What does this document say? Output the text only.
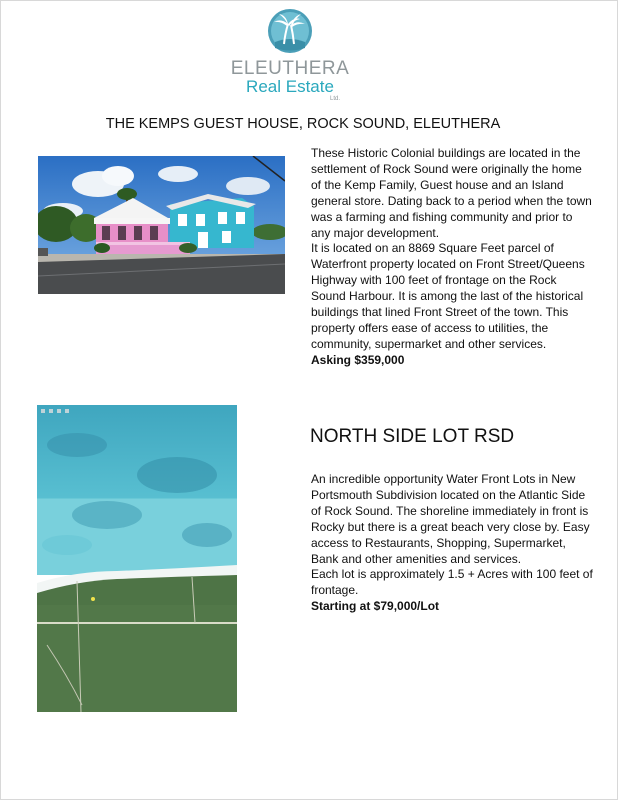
ELEUTHERA
Real Estate
Ltd.
THE KEMPS GUEST HOUSE, ROCK SOUND, ELEUTHERA

These Historic Colonial buildings are located in the settlement of Rock Sound were originally the home of the Kemp Family, Guest house and an Island general store. Dating back to a period when the town was a farming and fishing community and prior to any major development.

It is located on an 8869 Square Feet parcel of Waterfront property located on Front Street/Queens Highway with 100 feet of frontage on the Rock Sound Harbour. It is among the last of the historical buildings that lined Front Street of the town. This property offers ease of access to utilities, the community, supermarket and other services.

Asking $359,000

NORTH SIDE LOT RSD

An incredible opportunity Water Front Lots in New Portsmouth Subdivision located on the Atlantic Side of Rock Sound. The shoreline immediately in front is Rocky but there is a great beach very close by. Easy access to Restaurants, Shopping, Supermarket, Bank and other amenities and services.

Each lot is approximately 1.5 + Acres with 100 feet of frontage.

Starting at $79,000/Lot
